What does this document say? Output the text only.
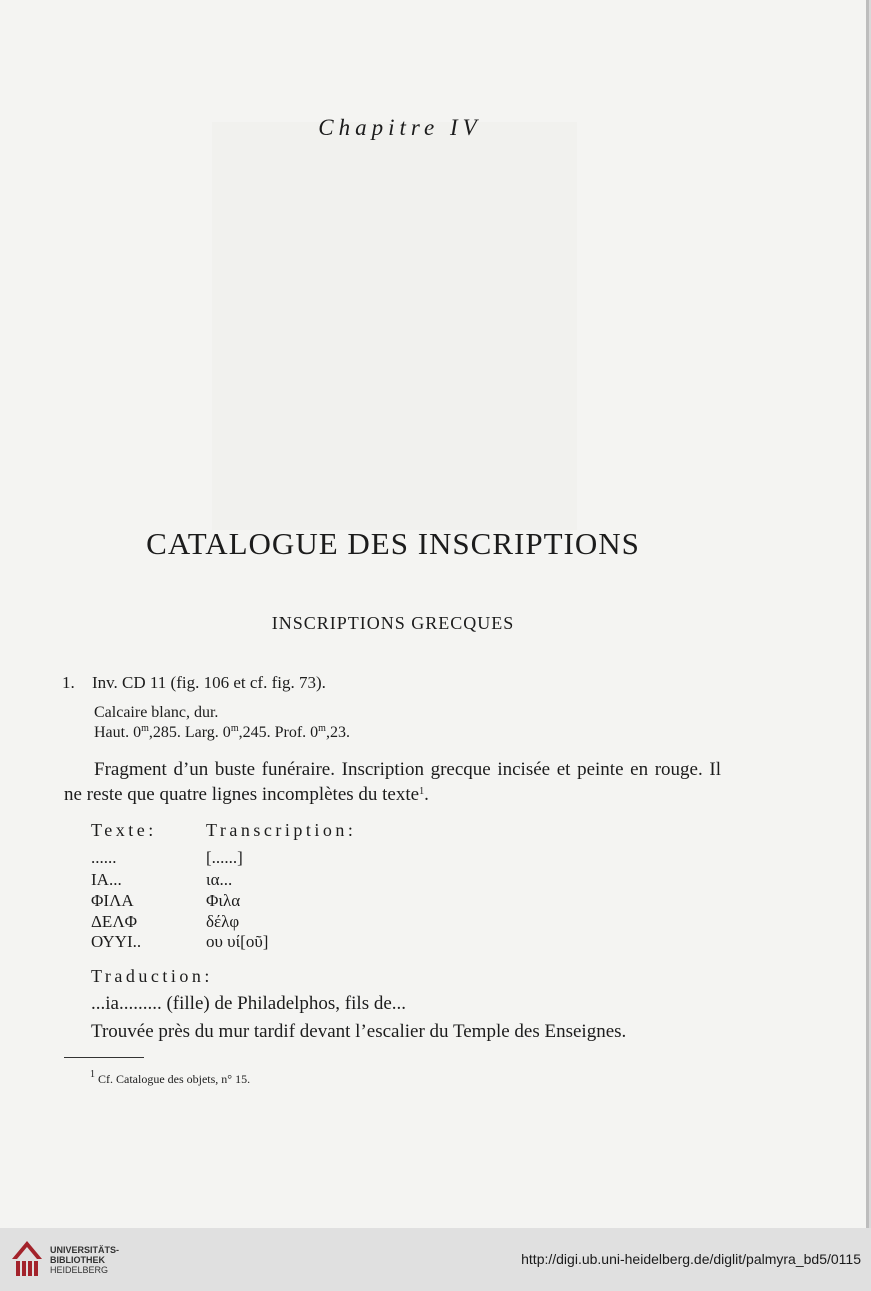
Chapitre IV
CATALOGUE DES INSCRIPTIONS
INSCRIPTIONS GRECQUES
1. Inv. CD 11 (fig. 106 et cf. fig. 73).
Calcaire blanc, dur.
Haut. 0$^m$,285. Larg. 0$^m$,245. Prof. 0$^m$,23.
Fragment d’un buste funéraire. Inscription grecque incisée et peinte en rouge. Il ne reste que quatre lignes incomplètes du texte$^1$.
Texte:	Transcription:
......	[......]
ΙΑ...	ια...
ΦΙΛΑ	Φιλα
ΔΕΛΦ	δέλφ
ΟΥΥΙ..	ου υί[οῦ]
Traduction:
...ia......... (fille) de Philadelphos, fils de...
Trouvée près du mur tardif devant l’escalier du Temple des Enseignes.
$^1$ Cf. Catalogue des objets, n° 15.
UNIVERSITÄTS-
BIBLIOTHEK
HEIDELBERG
http://digi.ub.uni-heidelberg.de/diglit/palmyra_bd5/0115
